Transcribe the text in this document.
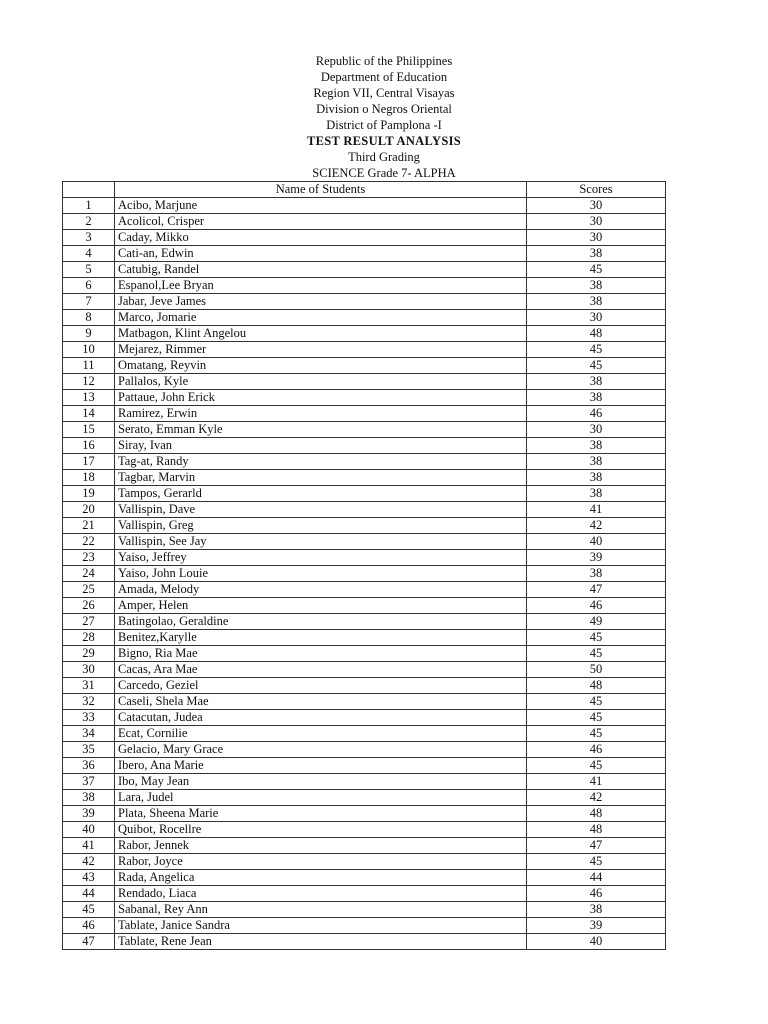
Republic of the Philippines
Department of Education
Region VII, Central Visayas
Division o Negros Oriental
District of Pamplona -I
TEST RESULT ANALYSIS
Third Grading
SCIENCE Grade 7- ALPHA
	Name of Students	Scores
1	Acibo, Marjune	30
2	Acolicol, Crisper	30
3	Caday, Mikko	30
4	Cati-an, Edwin	38
5	Catubig, Randel	45
6	Espanol,Lee Bryan	38
7	Jabar, Jeve James	38
8	Marco, Jomarie	30
9	Matbagon, Klint Angelou	48
10	Mejarez, Rimmer	45
11	Omatang, Reyvin	45
12	Pallalos, Kyle	38
13	Pattaue, John Erick	38
14	Ramirez, Erwin	46
15	Serato, Emman Kyle	30
16	Siray, Ivan	38
17	Tag-at, Randy	38
18	Tagbar, Marvin	38
19	Tampos, Gerarld	38
20	Vallispin, Dave	41
21	Vallispin, Greg	42
22	Vallispin, See Jay	40
23	Yaiso, Jeffrey	39
24	Yaiso, John Louie	38
25	Amada, Melody	47
26	Amper, Helen	46
27	Batingolao, Geraldine	49
28	Benitez,Karylle	45
29	Bigno, Ria Mae	45
30	Cacas, Ara Mae	50
31	Carcedo, Geziel	48
32	Caseli, Shela Mae	45
33	Catacutan, Judea	45
34	Ecat, Cornilie	45
35	Gelacio, Mary Grace	46
36	Ibero, Ana Marie	45
37	Ibo, May Jean	41
38	Lara, Judel	42
39	Plata, Sheena Marie	48
40	Quibot, Rocellre	48
41	Rabor, Jennek	47
42	Rabor, Joyce	45
43	Rada, Angelica	44
44	Rendado, Liaca	46
45	Sabanal, Rey Ann	38
46	Tablate, Janice Sandra	39
47	Tablate, Rene Jean	40
